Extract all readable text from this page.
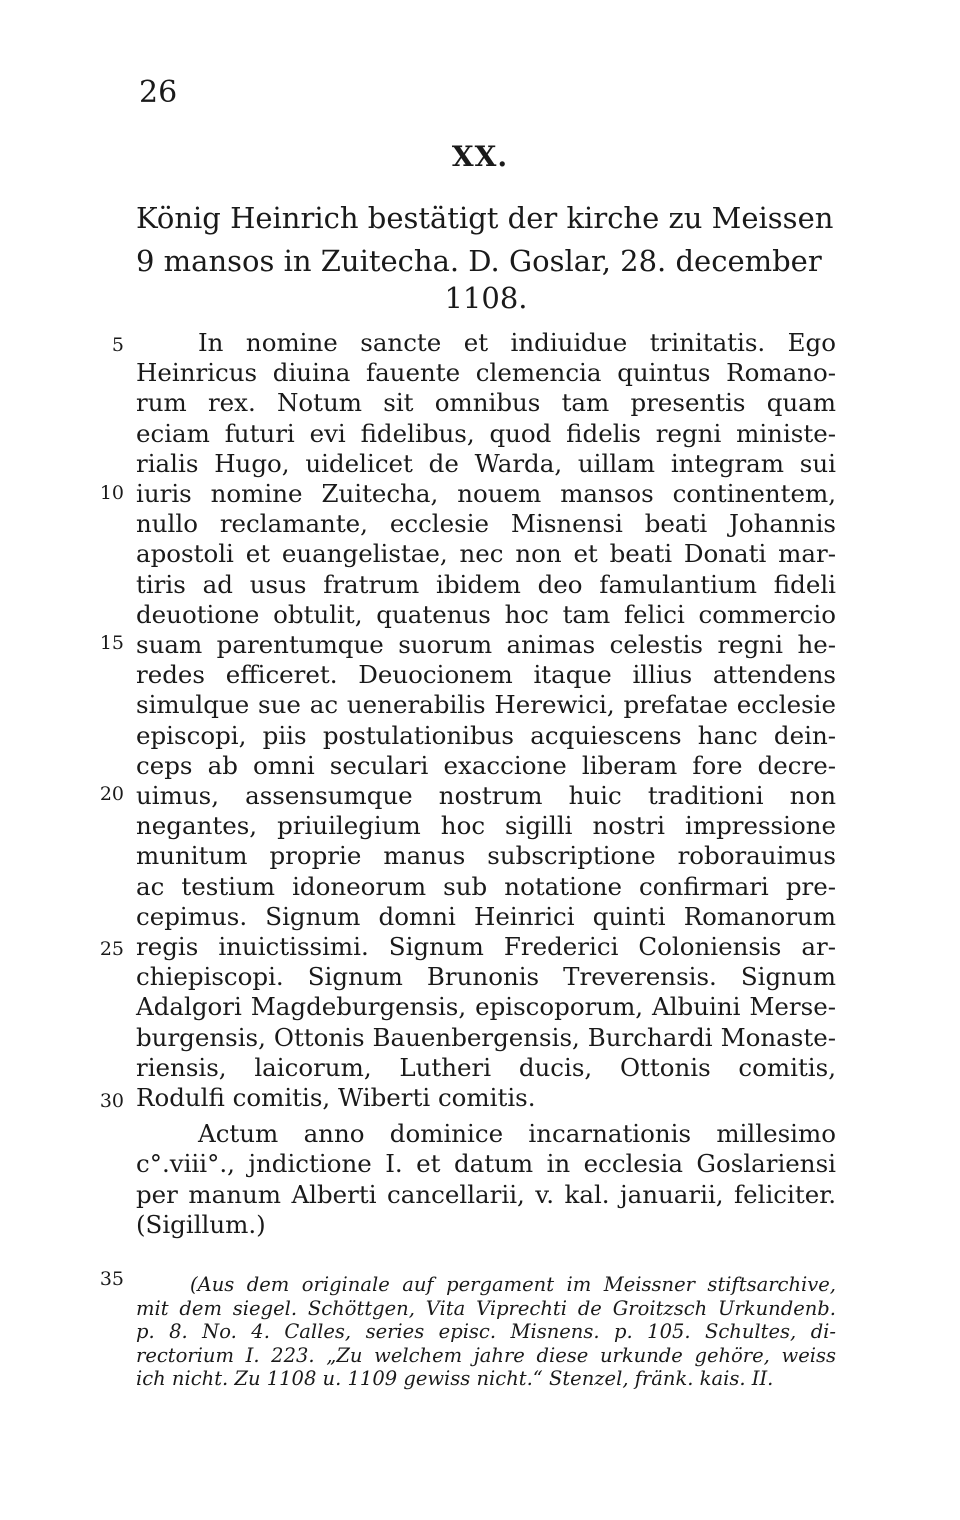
26
XX.
König Heinrich bestätigt der kirche zu Meissen
9 mansos in Zuitecha. D. Goslar, 28. december
1108.
In nomine sancte et indiuidue trinitatis. Ego
Heinricus diuina fauente clemencia quintus Romano-
rum rex. Notum sit omnibus tam presentis quam
eciam futuri evi fidelibus, quod fidelis regni ministe-
rialis Hugo, uidelicet de Warda, uillam integram sui
iuris nomine Zuitecha, nouem mansos continentem,
nullo reclamante, ecclesie Misnensi beati Johannis
apostoli et euangelistae, nec non et beati Donati mar-
tiris ad usus fratrum ibidem deo famulantium fideli
deuotione obtulit, quatenus hoc tam felici commercio
suam parentumque suorum animas celestis regni he-
redes efficeret. Deuocionem itaque illius attendens
simulque sue ac uenerabilis Herewici, prefatae ecclesie
episcopi, piis postulationibus acquiescens hanc dein-
ceps ab omni seculari exaccione liberam fore decre-
uimus, assensumque nostrum huic traditioni non
negantes, priuilegium hoc sigilli nostri impressione
munitum proprie manus subscriptione roborauimus
ac testium idoneorum sub notatione confirmari pre-
cepimus. Signum domni Heinrici quinti Romanorum
regis inuictissimi. Signum Frederici Coloniensis ar-
chiepiscopi. Signum Brunonis Treverensis. Signum
Adalgori Magdeburgensis, episcoporum, Albuini Merse-
burgensis, Ottonis Bauenbergensis, Burchardi Monaste-
riensis, laicorum, Lutheri ducis, Ottonis comitis,
Rodulfi comitis, Wiberti comitis.
Actum anno dominice incarnationis millesimo
c°.viii°., jndictione I. et datum in ecclesia Goslariensi
per manum Alberti cancellarii, v. kal. januarii, feliciter.
(Sigillum.)
5
10
15
20
25
30
35	(Aus dem originale auf pergament im Meissner stiftsarchive,
mit dem siegel. Schöttgen, Vita Viprechti de Groitzsch Urkundenb.
p. 8. No. 4. Calles, series episc. Misnens. p. 105. Schultes, di-
rectorium I. 223. „Zu welchem jahre diese urkunde gehöre, weiss
ich nicht. Zu 1108 u. 1109 gewiss nicht.“ Stenzel, fränk. kais. II.
